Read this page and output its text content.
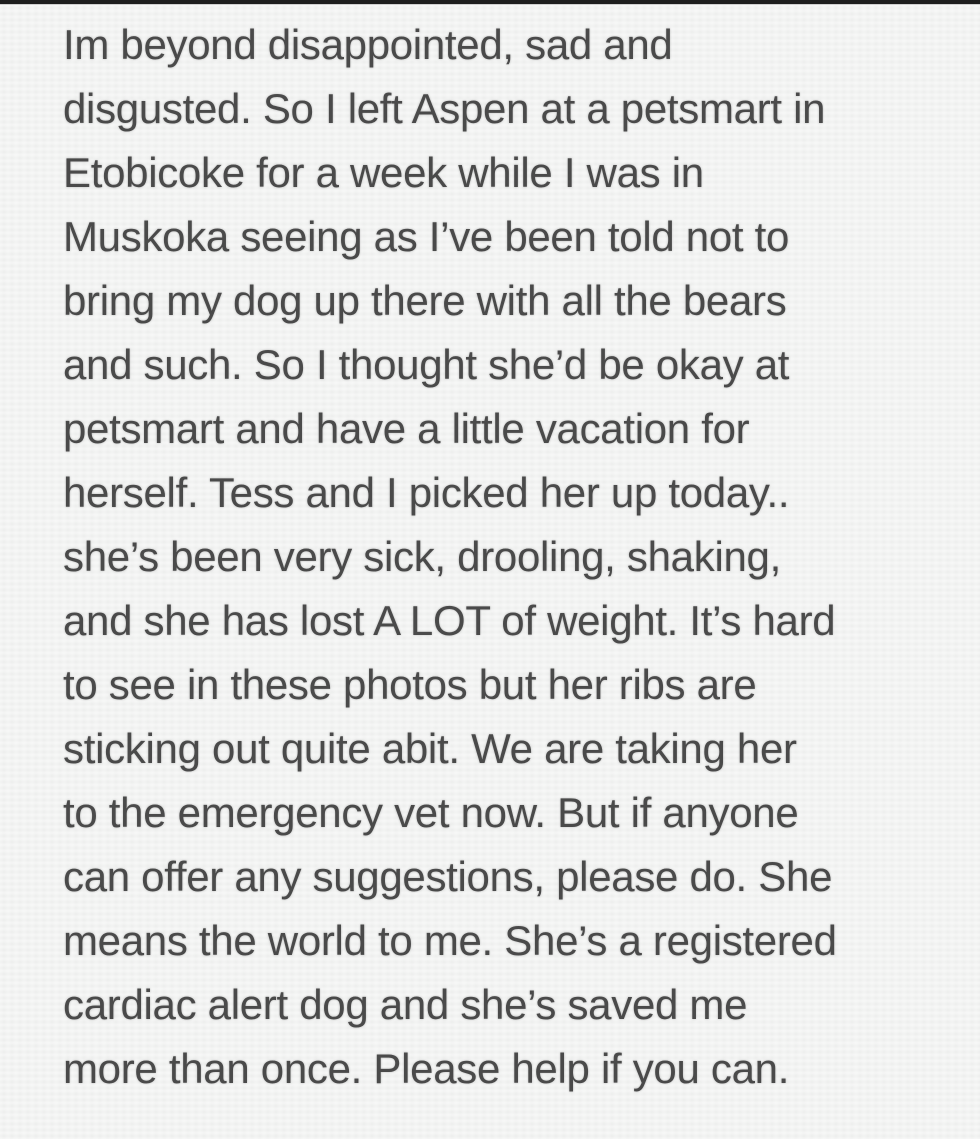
Im beyond disappointed, sad and
disgusted. So I left Aspen at a petsmart in
Etobicoke for a week while I was in
Muskoka seeing as I’ve been told not to
bring my dog up there with all the bears
and such. So I thought she’d be okay at
petsmart and have a little vacation for
herself. Tess and I picked her up today..
she’s been very sick, drooling, shaking,
and she has lost A LOT of weight. It’s hard
to see in these photos but her ribs are
sticking out quite abit. We are taking her
to the emergency vet now. But if anyone
can offer any suggestions, please do. She
means the world to me. She’s a registered
cardiac alert dog and she’s saved me
more than once. Please help if you can.
